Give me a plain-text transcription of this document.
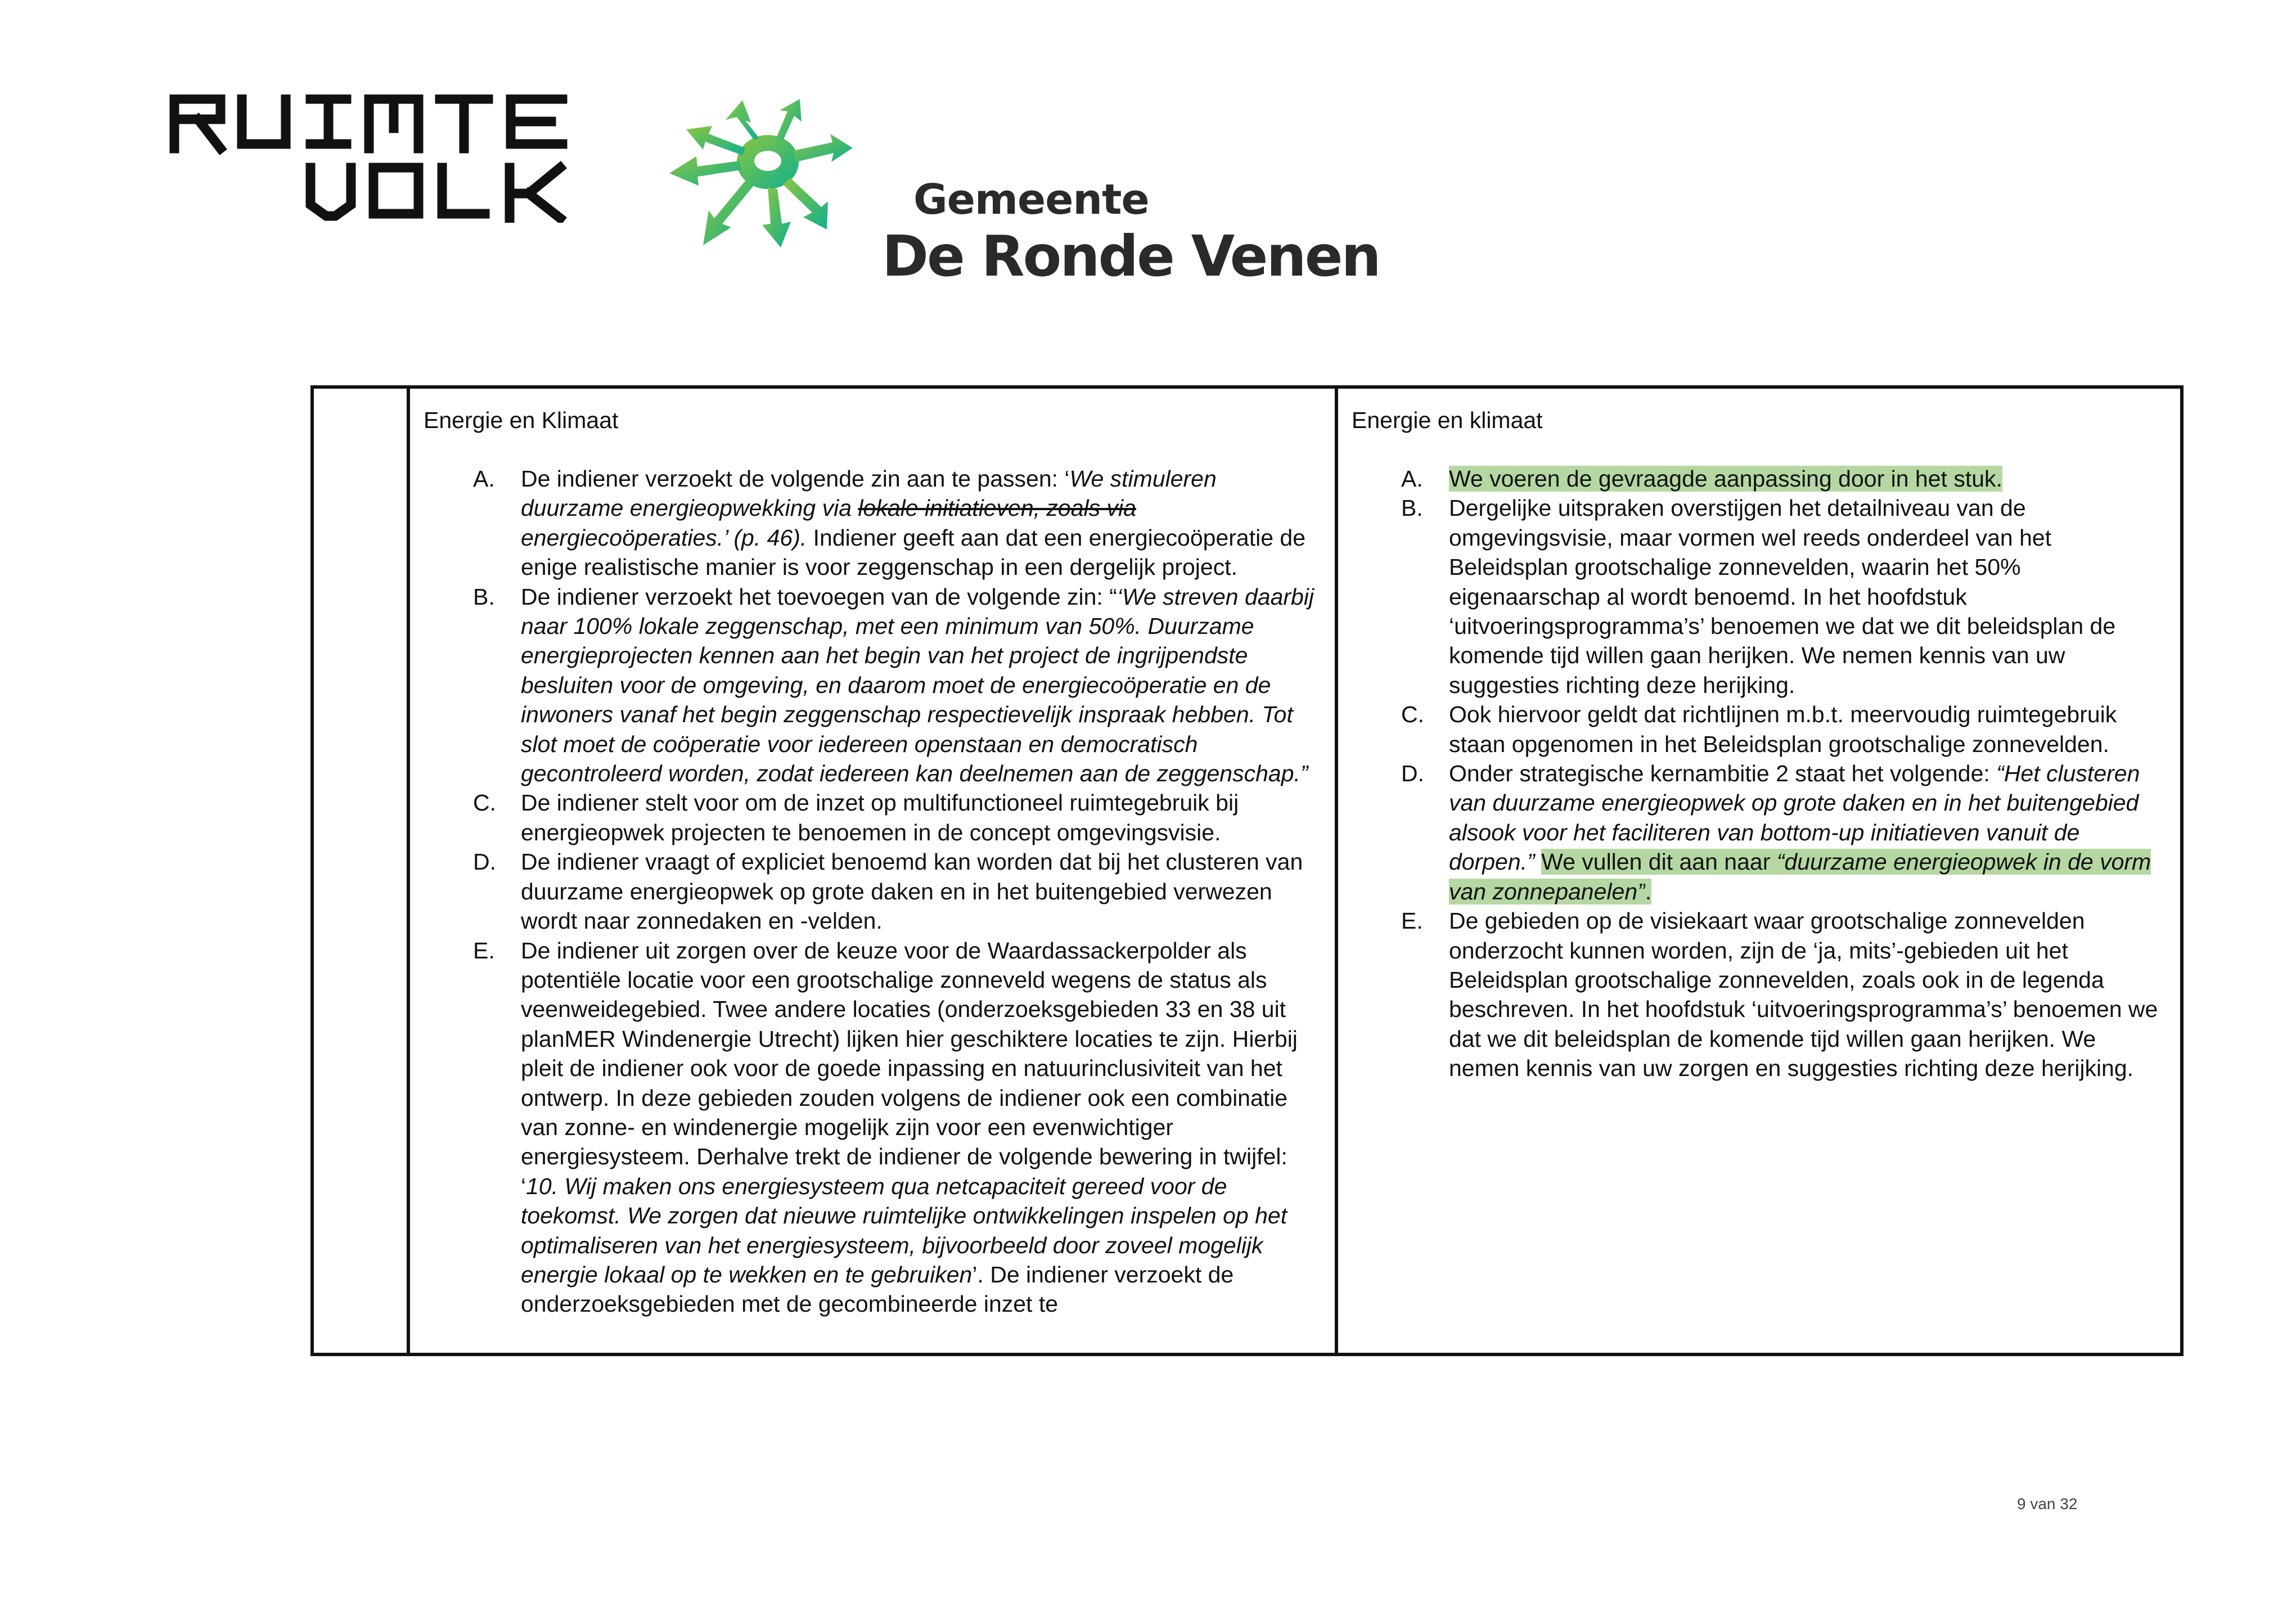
Gemeente
De Ronde Venen
Energie en Klimaat
A. De indiener verzoekt de volgende zin aan te passen: ‘We stimuleren duurzame energieopwekking via lokale initiatieven, zoals via energiecoöperaties.’ (p. 46). Indiener geeft aan dat een energiecoöperatie de enige realistische manier is voor zeggenschap in een dergelijk project.
B. De indiener verzoekt het toevoegen van de volgende zin: “‘We streven daarbij naar 100% lokale zeggenschap, met een minimum van 50%. Duurzame energieprojecten kennen aan het begin van het project de ingrijpendste besluiten voor de omgeving, en daarom moet de energiecoöperatie en de inwoners vanaf het begin zeggenschap respectievelijk inspraak hebben. Tot slot moet de coöperatie voor iedereen openstaan en democratisch gecontroleerd worden, zodat iedereen kan deelnemen aan de zeggenschap.”
C. De indiener stelt voor om de inzet op multifunctioneel ruimtegebruik bij energieopwek projecten te benoemen in de concept omgevingsvisie.
D. De indiener vraagt of expliciet benoemd kan worden dat bij het clusteren van duurzame energieopwek op grote daken en in het buitengebied verwezen wordt naar zonnedaken en -velden.
E. De indiener uit zorgen over de keuze voor de Waardassackerpolder als potentiële locatie voor een grootschalige zonneveld wegens de status als veenweidegebied. Twee andere locaties (onderzoeksgebieden 33 en 38 uit planMER Windenergie Utrecht) lijken hier geschiktere locaties te zijn. Hierbij pleit de indiener ook voor de goede inpassing en natuurinclusiviteit van het ontwerp. In deze gebieden zouden volgens de indiener ook een combinatie van zonne- en windenergie mogelijk zijn voor een evenwichtiger energiesysteem. Derhalve trekt de indiener de volgende bewering in twijfel: ‘10. Wij maken ons energiesysteem qua netcapaciteit gereed voor de toekomst. We zorgen dat nieuwe ruimtelijke ontwikkelingen inspelen op het optimaliseren van het energiesysteem, bijvoorbeeld door zoveel mogelijk energie lokaal op te wekken en te gebruiken’. De indiener verzoekt de onderzoeksgebieden met de gecombineerde inzet te
Energie en klimaat
A. We voeren de gevraagde aanpassing door in het stuk.
B. Dergelijke uitspraken overstijgen het detailniveau van de omgevingsvisie, maar vormen wel reeds onderdeel van het Beleidsplan grootschalige zonnevelden, waarin het 50% eigenaarschap al wordt benoemd. In het hoofdstuk ‘uitvoeringsprogramma’s’ benoemen we dat we dit beleidsplan de komende tijd willen gaan herijken. We nemen kennis van uw suggesties richting deze herijking.
C. Ook hiervoor geldt dat richtlijnen m.b.t. meervoudig ruimtegebruik staan opgenomen in het Beleidsplan grootschalige zonnevelden.
D. Onder strategische kernambitie 2 staat het volgende: “Het clusteren van duurzame energieopwek op grote daken en in het buitengebied alsook voor het faciliteren van bottom-up initiatieven vanuit de dorpen.” We vullen dit aan naar “duurzame energieopwek in de vorm van zonnepanelen”.
E. De gebieden op de visiekaart waar grootschalige zonnevelden onderzocht kunnen worden, zijn de ‘ja, mits’-gebieden uit het Beleidsplan grootschalige zonnevelden, zoals ook in de legenda beschreven. In het hoofdstuk ‘uitvoeringsprogramma’s’ benoemen we dat we dit beleidsplan de komende tijd willen gaan herijken. We nemen kennis van uw zorgen en suggesties richting deze herijking.
9 van 32
